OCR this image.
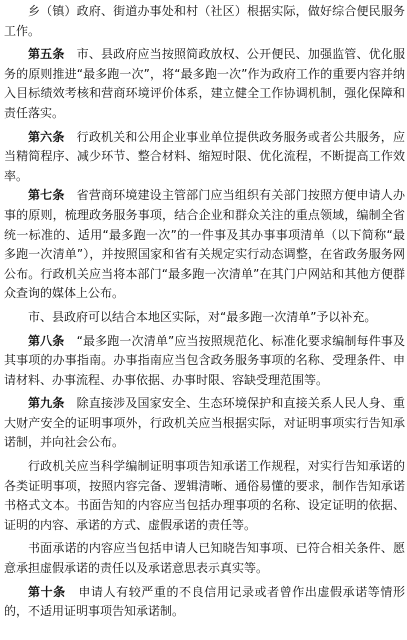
乡（镇）政府、街道办事处和村（社区）根据实际，做好综合便民服务工作。

第五条　市、县政府应当按照简政放权、公开便民、加强监管、优化服务的原则推进“最多跑一次”，将“最多跑一次”作为政府工作的重要内容并纳入目标绩效考核和营商环境评价体系，建立健全工作协调机制，强化保障和责任落实。

第六条　行政机关和公用企业事业单位提供政务服务或者公共服务，应当精简程序、减少环节、整合材料、缩短时限、优化流程，不断提高工作效率。

第七条　省营商环境建设主管部门应当组织有关部门按照方便申请人办事的原则，梳理政务服务事项，结合企业和群众关注的重点领域，编制全省统一标准的、适用“最多跑一次”的一件事及其办事事项清单（以下简称“最多跑一次清单”），并按照国家和省有关规定实行动态调整，在省政务服务网公布。行政机关应当将本部门“最多跑一次清单”在其门户网站和其他方便群众查询的媒体上公布。

市、县政府可以结合本地区实际，对“最多跑一次清单”予以补充。

第八条　“最多跑一次清单”应当按照规范化、标准化要求编制每件事及其事项的办事指南。办事指南应当包含政务服务事项的名称、受理条件、申请材料、办事流程、办事依据、办事时限、容缺受理范围等。

第九条　除直接涉及国家安全、生态环境保护和直接关系人民人身、重大财产安全的证明事项外，行政机关应当根据实际，对证明事项实行告知承诺制，并向社会公布。

行政机关应当科学编制证明事项告知承诺工作规程，对实行告知承诺的各类证明事项，按照内容完备、逻辑清晰、通俗易懂的要求，制作告知承诺书格式文本。书面告知的内容应当包括办理事项的名称、设定证明的依据、证明的内容、承诺的方式、虚假承诺的责任等。

书面承诺的内容应当包括申请人已知晓告知事项、已符合相关条件、愿意承担虚假承诺的责任以及承诺意思表示真实等。

第十条　申请人有较严重的不良信用记录或者曾作出虚假承诺等情形的，不适用证明事项告知承诺制。
